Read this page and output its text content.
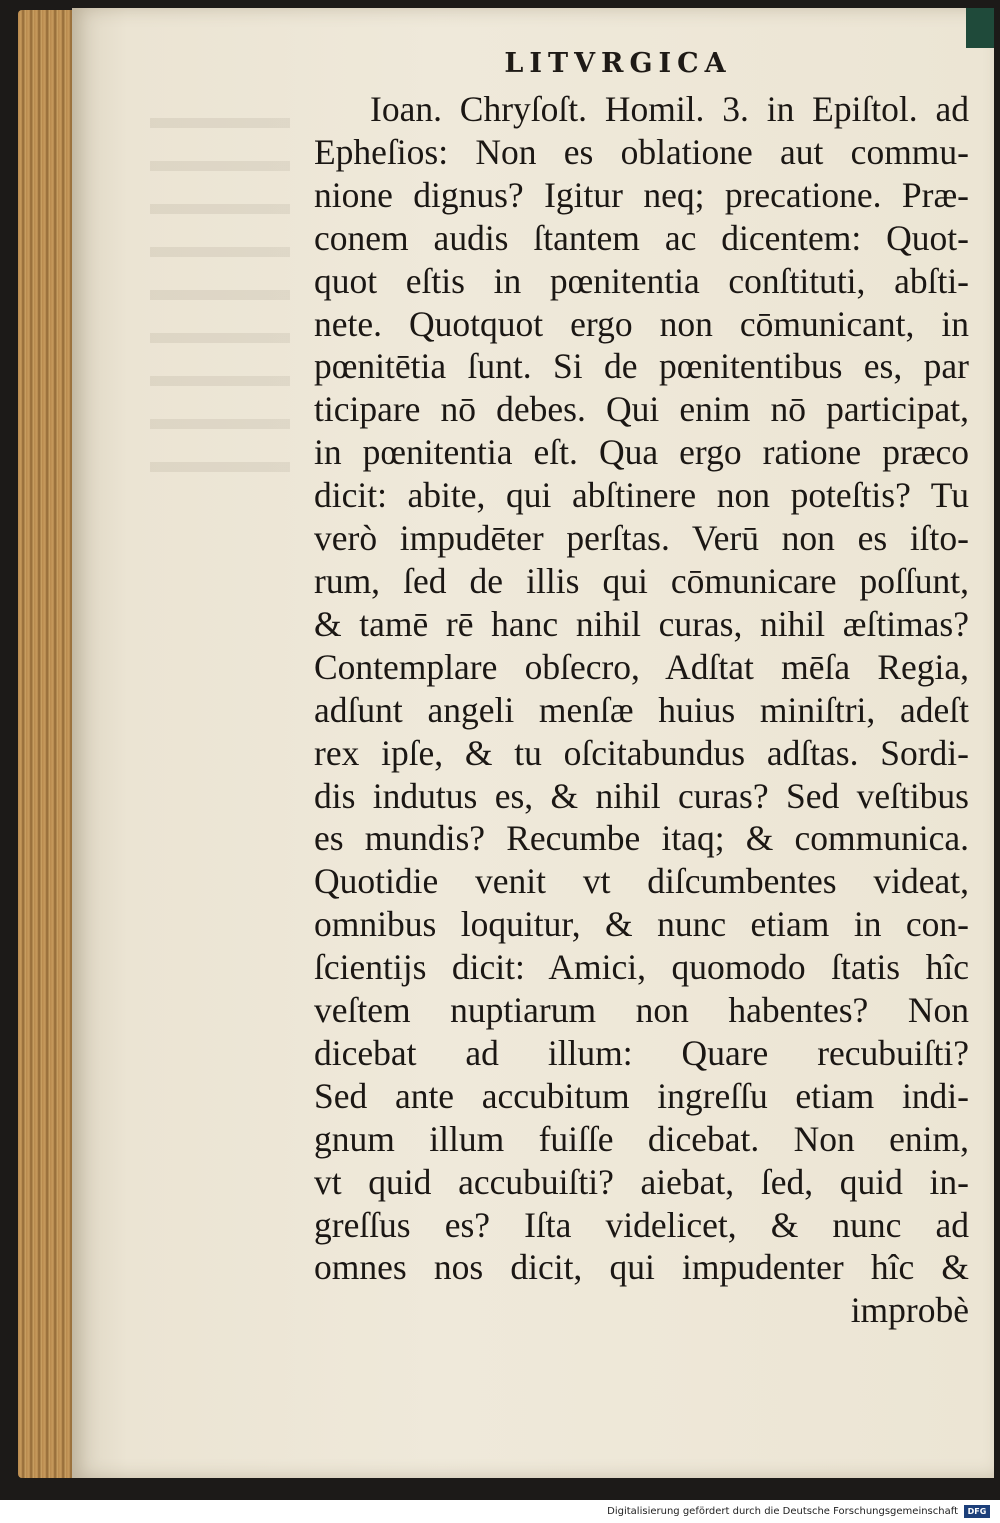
LITVRGICA
Ioan. Chryſoſt. Homil. 3. in Epiſtol. ad
Epheſios: Non es oblatione aut commu-
nione dignus? Igitur neq; precatione. Præ-
conem audis ſtantem ac dicentem: Quot-
quot eſtis in pœnitentia conſtituti, abſti-
nete. Quotquot ergo non cōmunicant, in
pœnitētia ſunt. Si de pœnitentibus es, par
ticipare nō debes. Qui enim nō participat,
in pœnitentia eſt. Qua ergo ratione præco
dicit: abite, qui abſtinere non poteſtis? Tu
verò impudēter perſtas. Verū non es iſto-
rum, ſed de illis qui cōmunicare poſſunt,
& tamē rē hanc nihil curas, nihil æſtimas?
Contemplare obſecro, Adſtat mēſa Regia,
adſunt angeli menſæ huius miniſtri, adeſt
rex ipſe, & tu oſcitabundus adſtas. Sordi-
dis indutus es, & nihil curas? Sed veſtibus
es mundis? Recumbe itaq; & communica.
Quotidie venit vt diſcumbentes videat,
omnibus loquitur, & nunc etiam in con-
ſcientijs dicit: Amici, quomodo ſtatis hîc
veſtem nuptiarum non habentes? Non
dicebat ad illum: Quare recubuiſti?
Sed ante accubitum ingreſſu etiam indi-
gnum illum fuiſſe dicebat. Non enim,
vt quid accubuiſti? aiebat, ſed, quid in-
greſſus es? Iſta videlicet, & nunc ad
omnes nos dicit, qui impudenter hîc &
improbè
Digitalisierung gefördert durch die Deutsche Forschungsgemeinschaft	DFG
